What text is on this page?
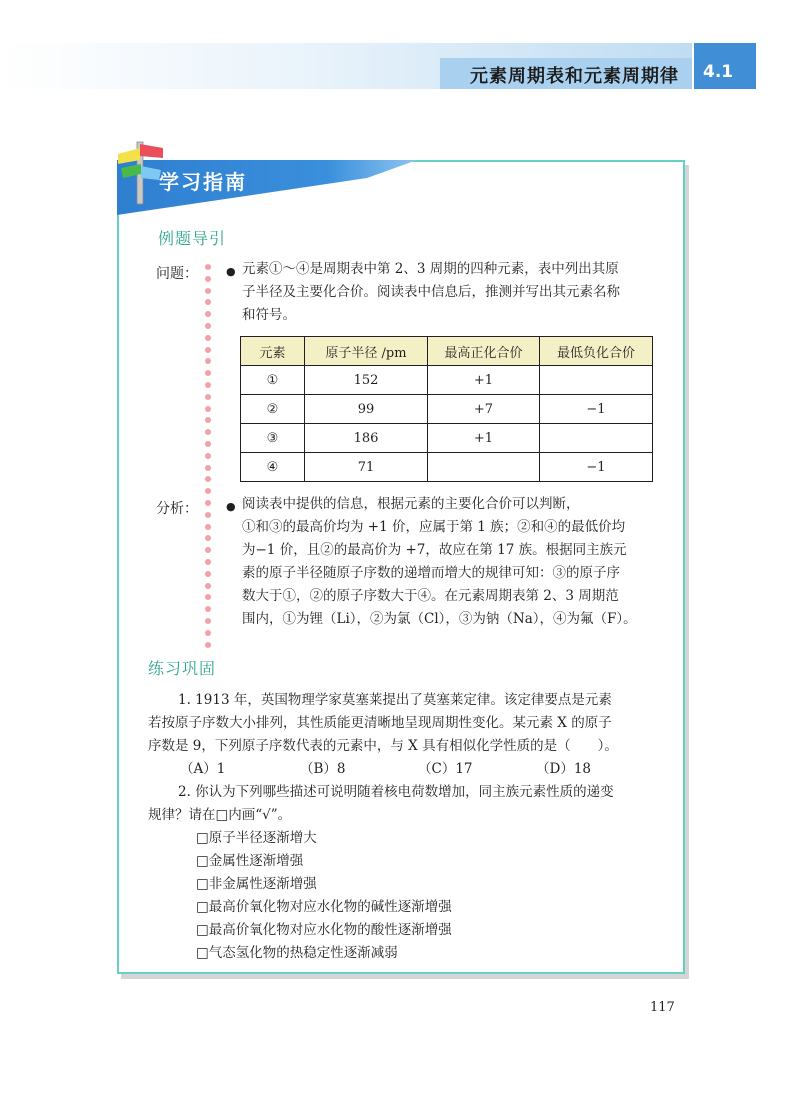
元素周期表和元素周期律 4.1
学习指南
例题导引
问题：	● 元素①～④是周期表中第 2、3 周期的四种元素，表中列出其原
子半径及主要化合价。阅读表中信息后，推测并写出其元素名称
和符号。
元素	原子半径 /pm	最高正化合价	最低负化合价
①	152	+1	
②	99	+7	−1
③	186	+1	
④	71		−1
分析：	● 阅读表中提供的信息，根据元素的主要化合价可以判断，
①和③的最高价均为 +1 价，应属于第 1 族；②和④的最低价均
为−1 价，且②的最高价为 +7，故应在第 17 族。根据同主族元
素的原子半径随原子序数的递增而增大的规律可知：③的原子序
数大于①，②的原子序数大于④。在元素周期表第 2、3 周期范
围内，①为锂（Li），②为氯（Cl），③为钠（Na），④为氟（F）。
练习巩固
1. 1913 年，英国物理学家莫塞莱提出了莫塞莱定律。该定律要点是元素
若按原子序数大小排列，其性质能更清晰地呈现周期性变化。某元素 X 的原子
序数是 9，下列原子序数代表的元素中，与 X 具有相似化学性质的是（　　）。
（A）1	（B）8	（C）17	（D）18
2. 你认为下列哪些描述可说明随着核电荷数增加，同主族元素性质的递变
规律？请在□内画“√”。
□原子半径逐渐增大
□金属性逐渐增强
□非金属性逐渐增强
□最高价氧化物对应水化物的碱性逐渐增强
□最高价氧化物对应水化物的酸性逐渐增强
□气态氢化物的热稳定性逐渐减弱
117
